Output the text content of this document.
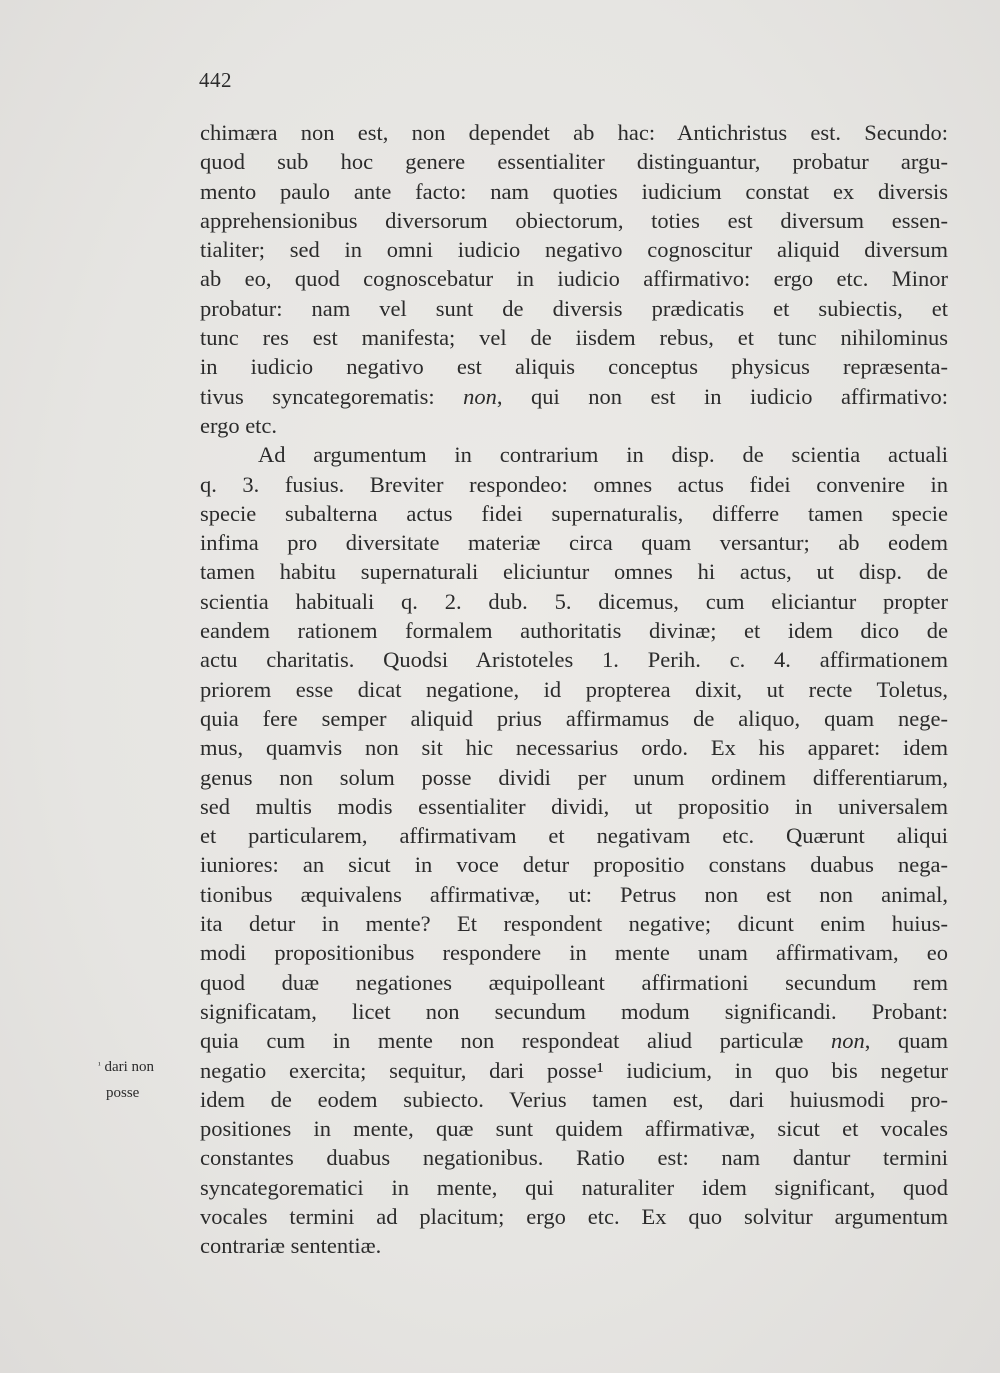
442
chimæra non est, non dependet ab hac: Antichristus est. Secundo:
quod sub hoc genere essentialiter distinguantur, probatur argu-
mento paulo ante facto: nam quoties iudicium constat ex diversis
apprehensionibus diversorum obiectorum, toties est diversum essen-
tialiter; sed in omni iudicio negativo cognoscitur aliquid diversum
ab eo, quod cognoscebatur in iudicio affirmativo: ergo etc. Minor
probatur: nam vel sunt de diversis prædicatis et subiectis, et
tunc res est manifesta; vel de iisdem rebus, et tunc nihilominus
in iudicio negativo est aliquis conceptus physicus repræsenta-
tivus syncategorematis: non, qui non est in iudicio affirmativo:
ergo etc.
Ad argumentum in contrarium in disp. de scientia actuali
q. 3. fusius. Breviter respondeo: omnes actus fidei convenire in
specie subalterna actus fidei supernaturalis, differre tamen specie
infima pro diversitate materiæ circa quam versantur; ab eodem
tamen habitu supernaturali eliciuntur omnes hi actus, ut disp. de
scientia habituali q. 2. dub. 5. dicemus, cum eliciantur propter
eandem rationem formalem authoritatis divinæ; et idem dico de
actu charitatis. Quodsi Aristoteles 1. Perih. c. 4. affirmationem
priorem esse dicat negatione, id propterea dixit, ut recte Toletus,
quia fere semper aliquid prius affirmamus de aliquo, quam nege-
mus, quamvis non sit hic necessarius ordo. Ex his apparet: idem
genus non solum posse dividi per unum ordinem differentiarum,
sed multis modis essentialiter dividi, ut propositio in universalem
et particularem, affirmativam et negativam etc. Quærunt aliqui
iuniores: an sicut in voce detur propositio constans duabus nega-
tionibus æquivalens affirmativæ, ut: Petrus non est non animal,
ita detur in mente? Et respondent negative; dicunt enim huius-
modi propositionibus respondere in mente unam affirmativam, eo
quod duæ negationes æquipolleant affirmationi secundum rem
significatam, licet non secundum modum significandi. Probant:
quia cum in mente non respondeat aliud particulæ non, quam
negatio exercita; sequitur, dari posse¹ iudicium, in quo bis negetur
idem de eodem subiecto. Verius tamen est, dari huiusmodi pro-
positiones in mente, quæ sunt quidem affirmativæ, sicut et vocales
constantes duabus negationibus. Ratio est: nam dantur termini
syncategorematici in mente, qui naturaliter idem significant, quod
vocales termini ad placitum; ergo etc. Ex quo solvitur argumentum
contrariæ sententiæ.
$^{^1}$ dari non
posse
